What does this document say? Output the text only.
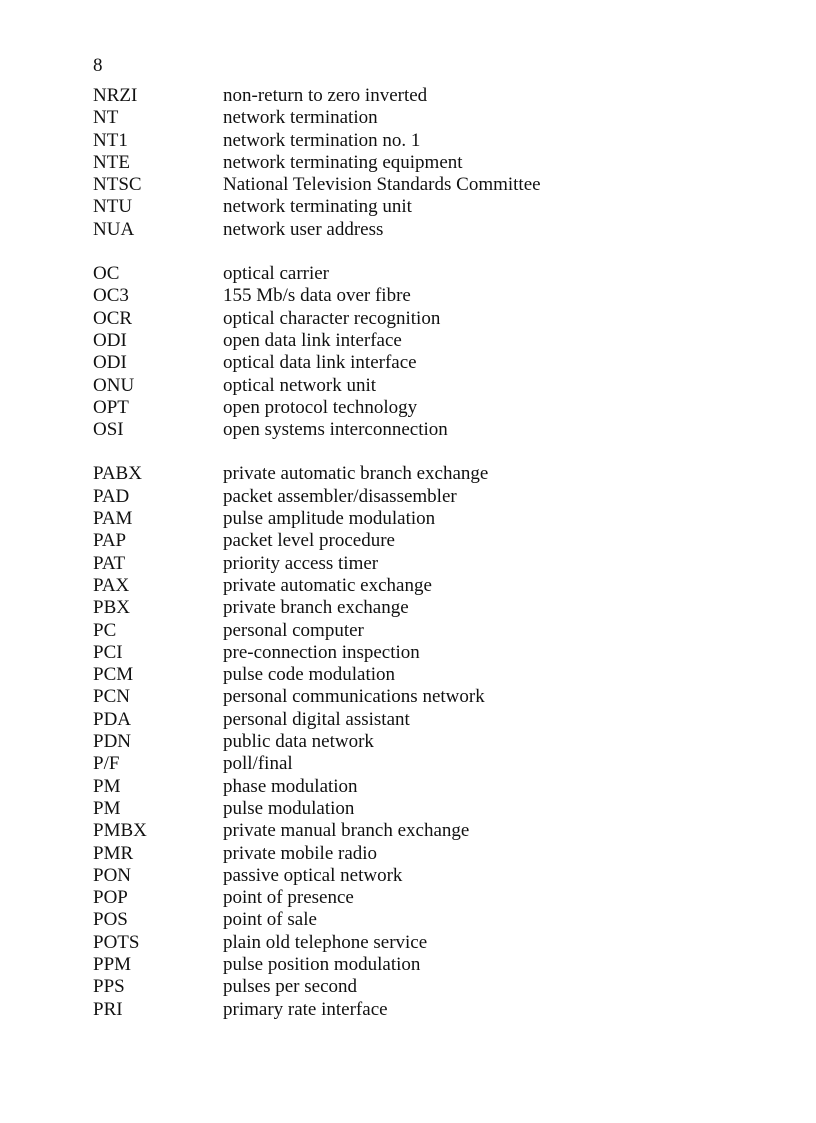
8
NRZI	non-return to zero inverted
NT	network termination
NT1	network termination no. 1
NTE	network terminating equipment
NTSC	National Television Standards Committee
NTU	network terminating unit
NUA	network user address
OC	optical carrier
OC3	155 Mb/s data over fibre
OCR	optical character recognition
ODI	open data link interface
ODI	optical data link interface
ONU	optical network unit
OPT	open protocol technology
OSI	open systems interconnection
PABX	private automatic branch exchange
PAD	packet assembler/disassembler
PAM	pulse amplitude modulation
PAP	packet level procedure
PAT	priority access timer
PAX	private automatic exchange
PBX	private branch exchange
PC	personal computer
PCI	pre-connection inspection
PCM	pulse code modulation
PCN	personal communications network
PDA	personal digital assistant
PDN	public data network
P/F	poll/final
PM	phase modulation
PM	pulse modulation
PMBX	private manual branch exchange
PMR	private mobile radio
PON	passive optical network
POP	point of presence
POS	point of sale
POTS	plain old telephone service
PPM	pulse position modulation
PPS	pulses per second
PRI	primary rate interface
